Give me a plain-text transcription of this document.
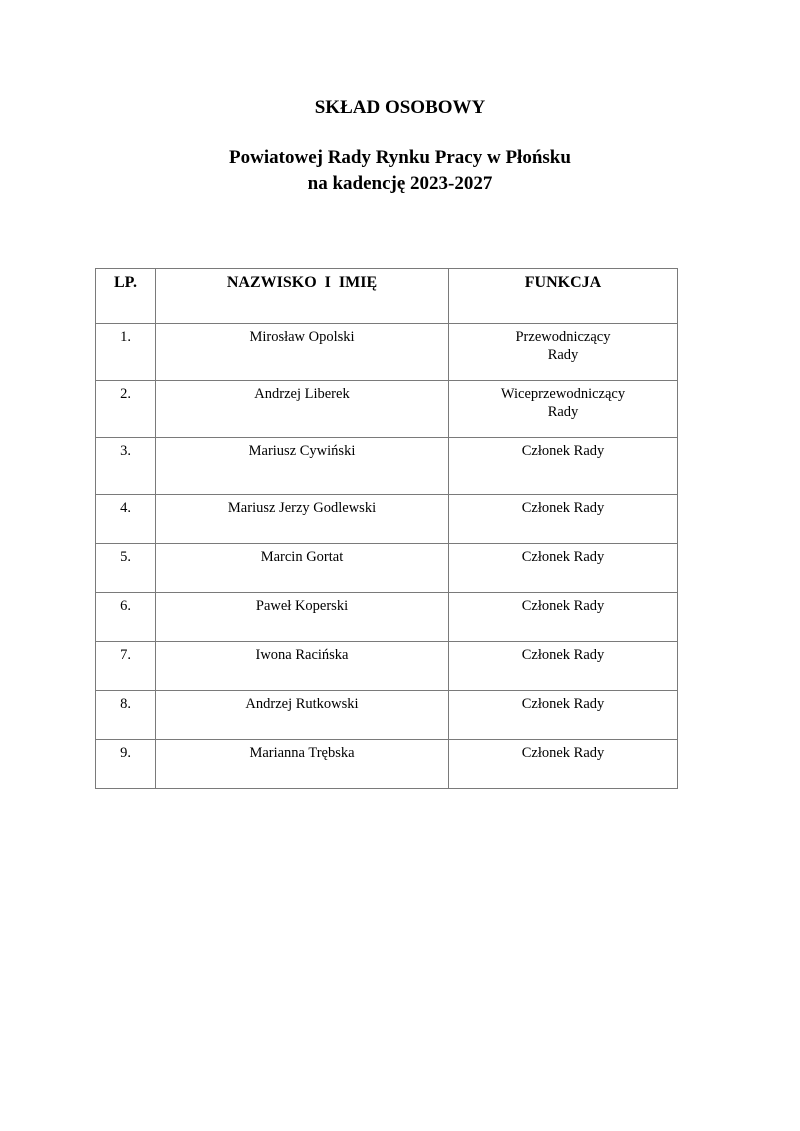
SKŁAD OSOBOWY
Powiatowej Rady Rynku Pracy w Płońsku
na kadencję 2023-2027
LP.	NAZWISKO  I  IMIĘ	FUNKCJA

1.	Mirosław Opolski	Przewodniczący
Rady

2.	Andrzej Liberek	Wiceprzewodniczący
Rady

3.	Mariusz Cywiński	Członek Rady

4.	Mariusz Jerzy Godlewski	Członek Rady

5.	Marcin Gortat	Członek Rady

6.	Paweł Koperski	Członek Rady

7.	Iwona Racińska	Członek Rady

8.	Andrzej Rutkowski	Członek Rady

9.	Marianna Trębska	Członek Rady
